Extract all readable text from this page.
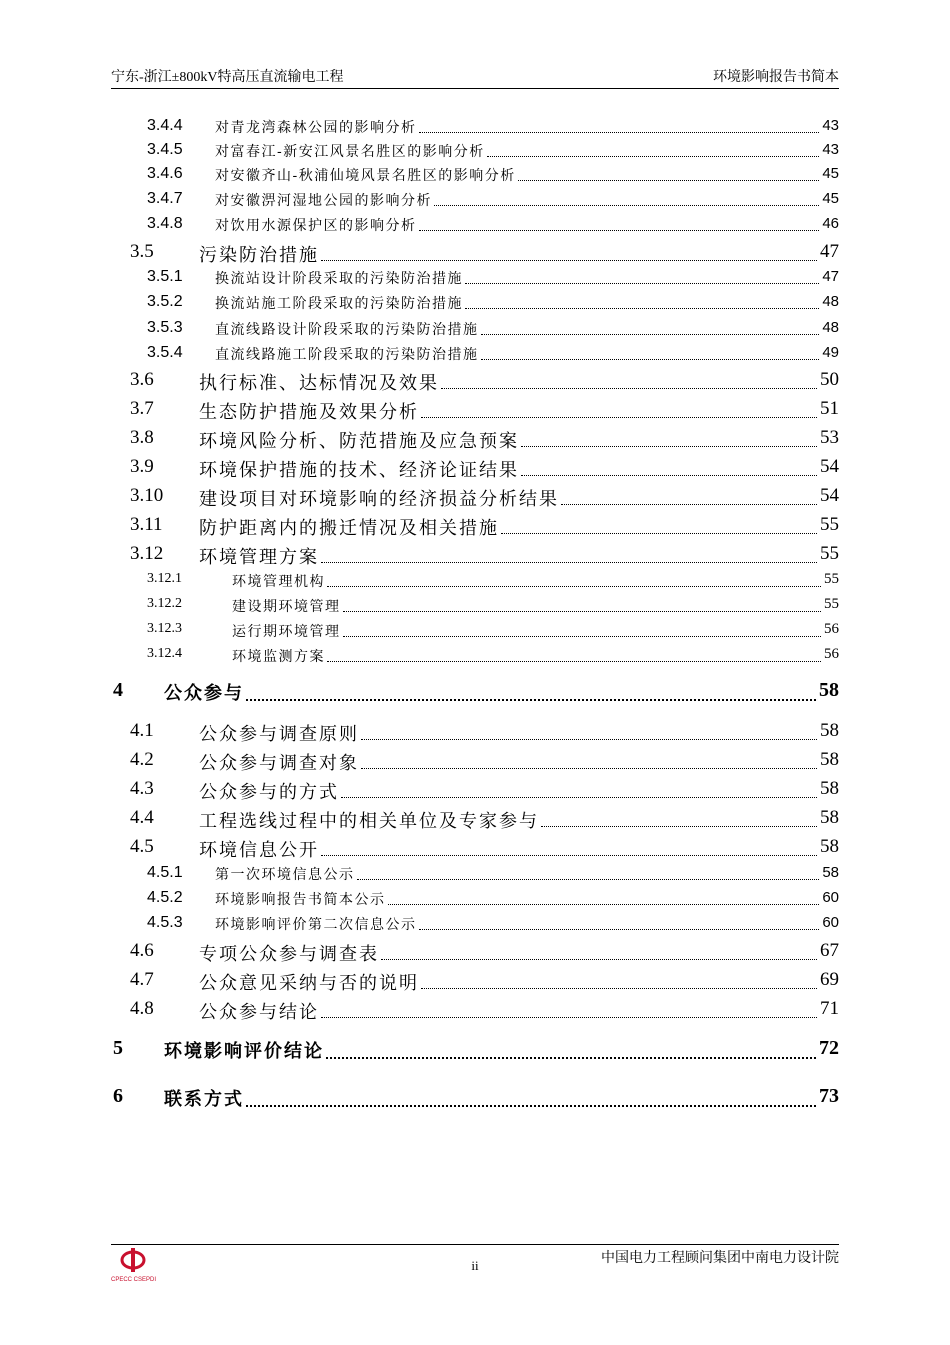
宁东-浙江±800kV特高压直流输电工程	环境影响报告书简本
3.4.4 对青龙湾森林公园的影响分析	43
3.4.5 对富春江-新安江风景名胜区的影响分析	43
3.4.6 对安徽齐山-秋浦仙境风景名胜区的影响分析	45
3.4.7 对安徽淠河湿地公园的影响分析	45
3.4.8 对饮用水源保护区的影响分析	46
3.5	污染防治措施	47
3.5.1 换流站设计阶段采取的污染防治措施	47
3.5.2 换流站施工阶段采取的污染防治措施	48
3.5.3 直流线路设计阶段采取的污染防治措施	48
3.5.4 直流线路施工阶段采取的污染防治措施	49
3.6	执行标准、达标情况及效果	50
3.7	生态防护措施及效果分析	51
3.8	环境风险分析、防范措施及应急预案	53
3.9	环境保护措施的技术、经济论证结果	54
3.10 建设项目对环境影响的经济损益分析结果	54
3.11 防护距离内的搬迁情况及相关措施	55
3.12 环境管理方案	55
3.12.1	环境管理机构	55
3.12.2	建设期环境管理	55
3.12.3	运行期环境管理	56
3.12.4	环境监测方案	56
4 公众参与	58
4.1	公众参与调查原则	58
4.2	公众参与调查对象	58
4.3	公众参与的方式	58
4.4	工程选线过程中的相关单位及专家参与	58
4.5	环境信息公开	58
4.5.1 第一次环境信息公示	58
4.5.2 环境影响报告书简本公示	60
4.5.3 环境影响评价第二次信息公示	60
4.6	专项公众参与调查表	67
4.7	公众意见采纳与否的说明	69
4.8	公众参与结论	71
5 环境影响评价结论	72
6 联系方式	73
CPECC CSEPDI
ii	中国电力工程顾问集团中南电力设计院
